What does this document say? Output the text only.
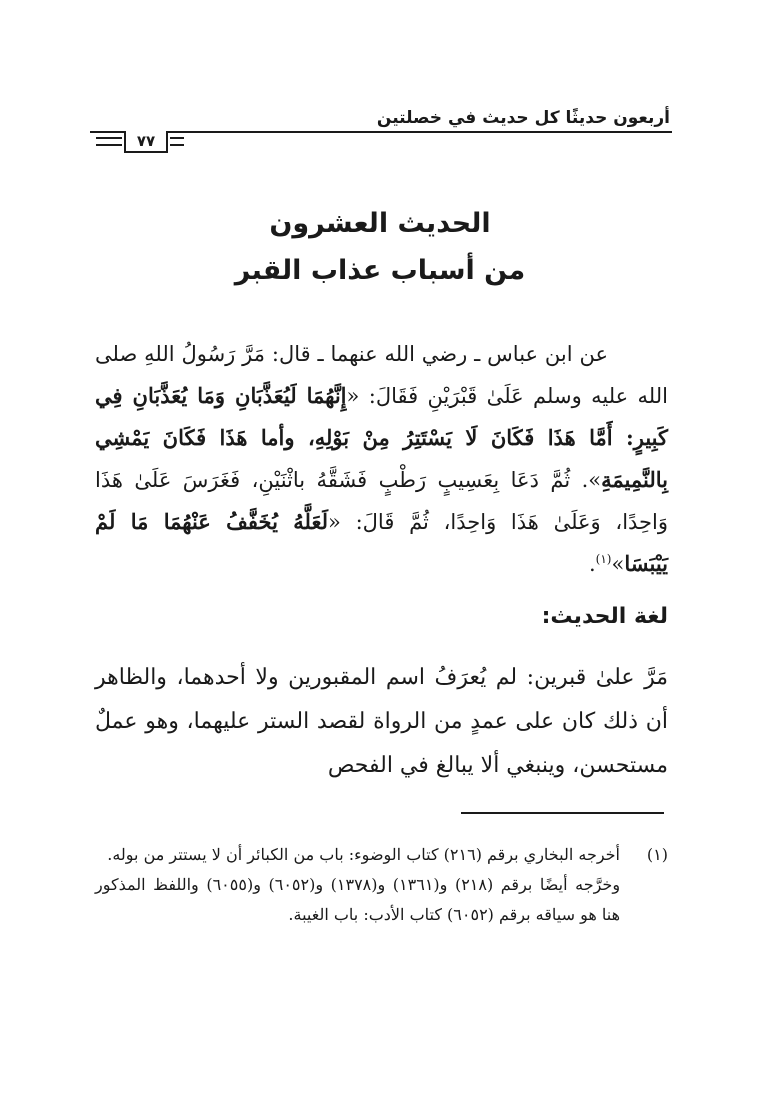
أربعون حديثًا كل حديث في خصلتين
٧٧
الحديث العشرون
من أسباب عذاب القبر

عن ابن عباس ـ رضي الله عنهما ـ قال: مَرَّ رَسُولُ اللهِ صلى الله عليه وسلم عَلَىٰ قَبْرَيْنِ فَقَالَ: «إِنَّهُمَا لَيُعَذَّبَانِ وَمَا يُعَذَّبَانِ فِي كَبِيرٍ: أَمَّا هَذَا فَكَانَ لَا يَسْتَتِرُ مِنْ بَوْلِهِ، وأما هَذَا فَكَانَ يَمْشِي بِالنَّمِيمَةِ». ثُمَّ دَعَا بِعَسِيبٍ رَطْبٍ فَشَقَّهُ باثْنَيْنِ، فَغَرَسَ عَلَىٰ هَذَا وَاحِدًا، وَعَلَىٰ هَذَا وَاحِدًا، ثُمَّ قَالَ: «لَعَلَّهُ يُخَفَّفُ عَنْهُمَا مَا لَمْ يَيْبَسَا»$^{(١)}$.

لغة الحديث:

مَرَّ علىٰ قبرين: لم يُعرَفُ اسم المقبورين ولا أحدهما، والظاهر أن ذلك كان على عمدٍ من الرواة لقصد الستر عليهما، وهو عملٌ مستحسن، وينبغي ألا يبالغ في الفحص

(١)
أخرجه البخاري برقم (٢١٦) كتاب الوضوء: باب من الكبائر أن لا يستتر من بوله.
وخرَّجه أيضًا برقم (٢١٨) و(١٣٦١) و(١٣٧٨) و(٦٠٥٢) و(٦٠٥٥) واللفظ المذكور هنا هو سياقه برقم (٦٠٥٢) كتاب الأدب: باب الغيبة.
